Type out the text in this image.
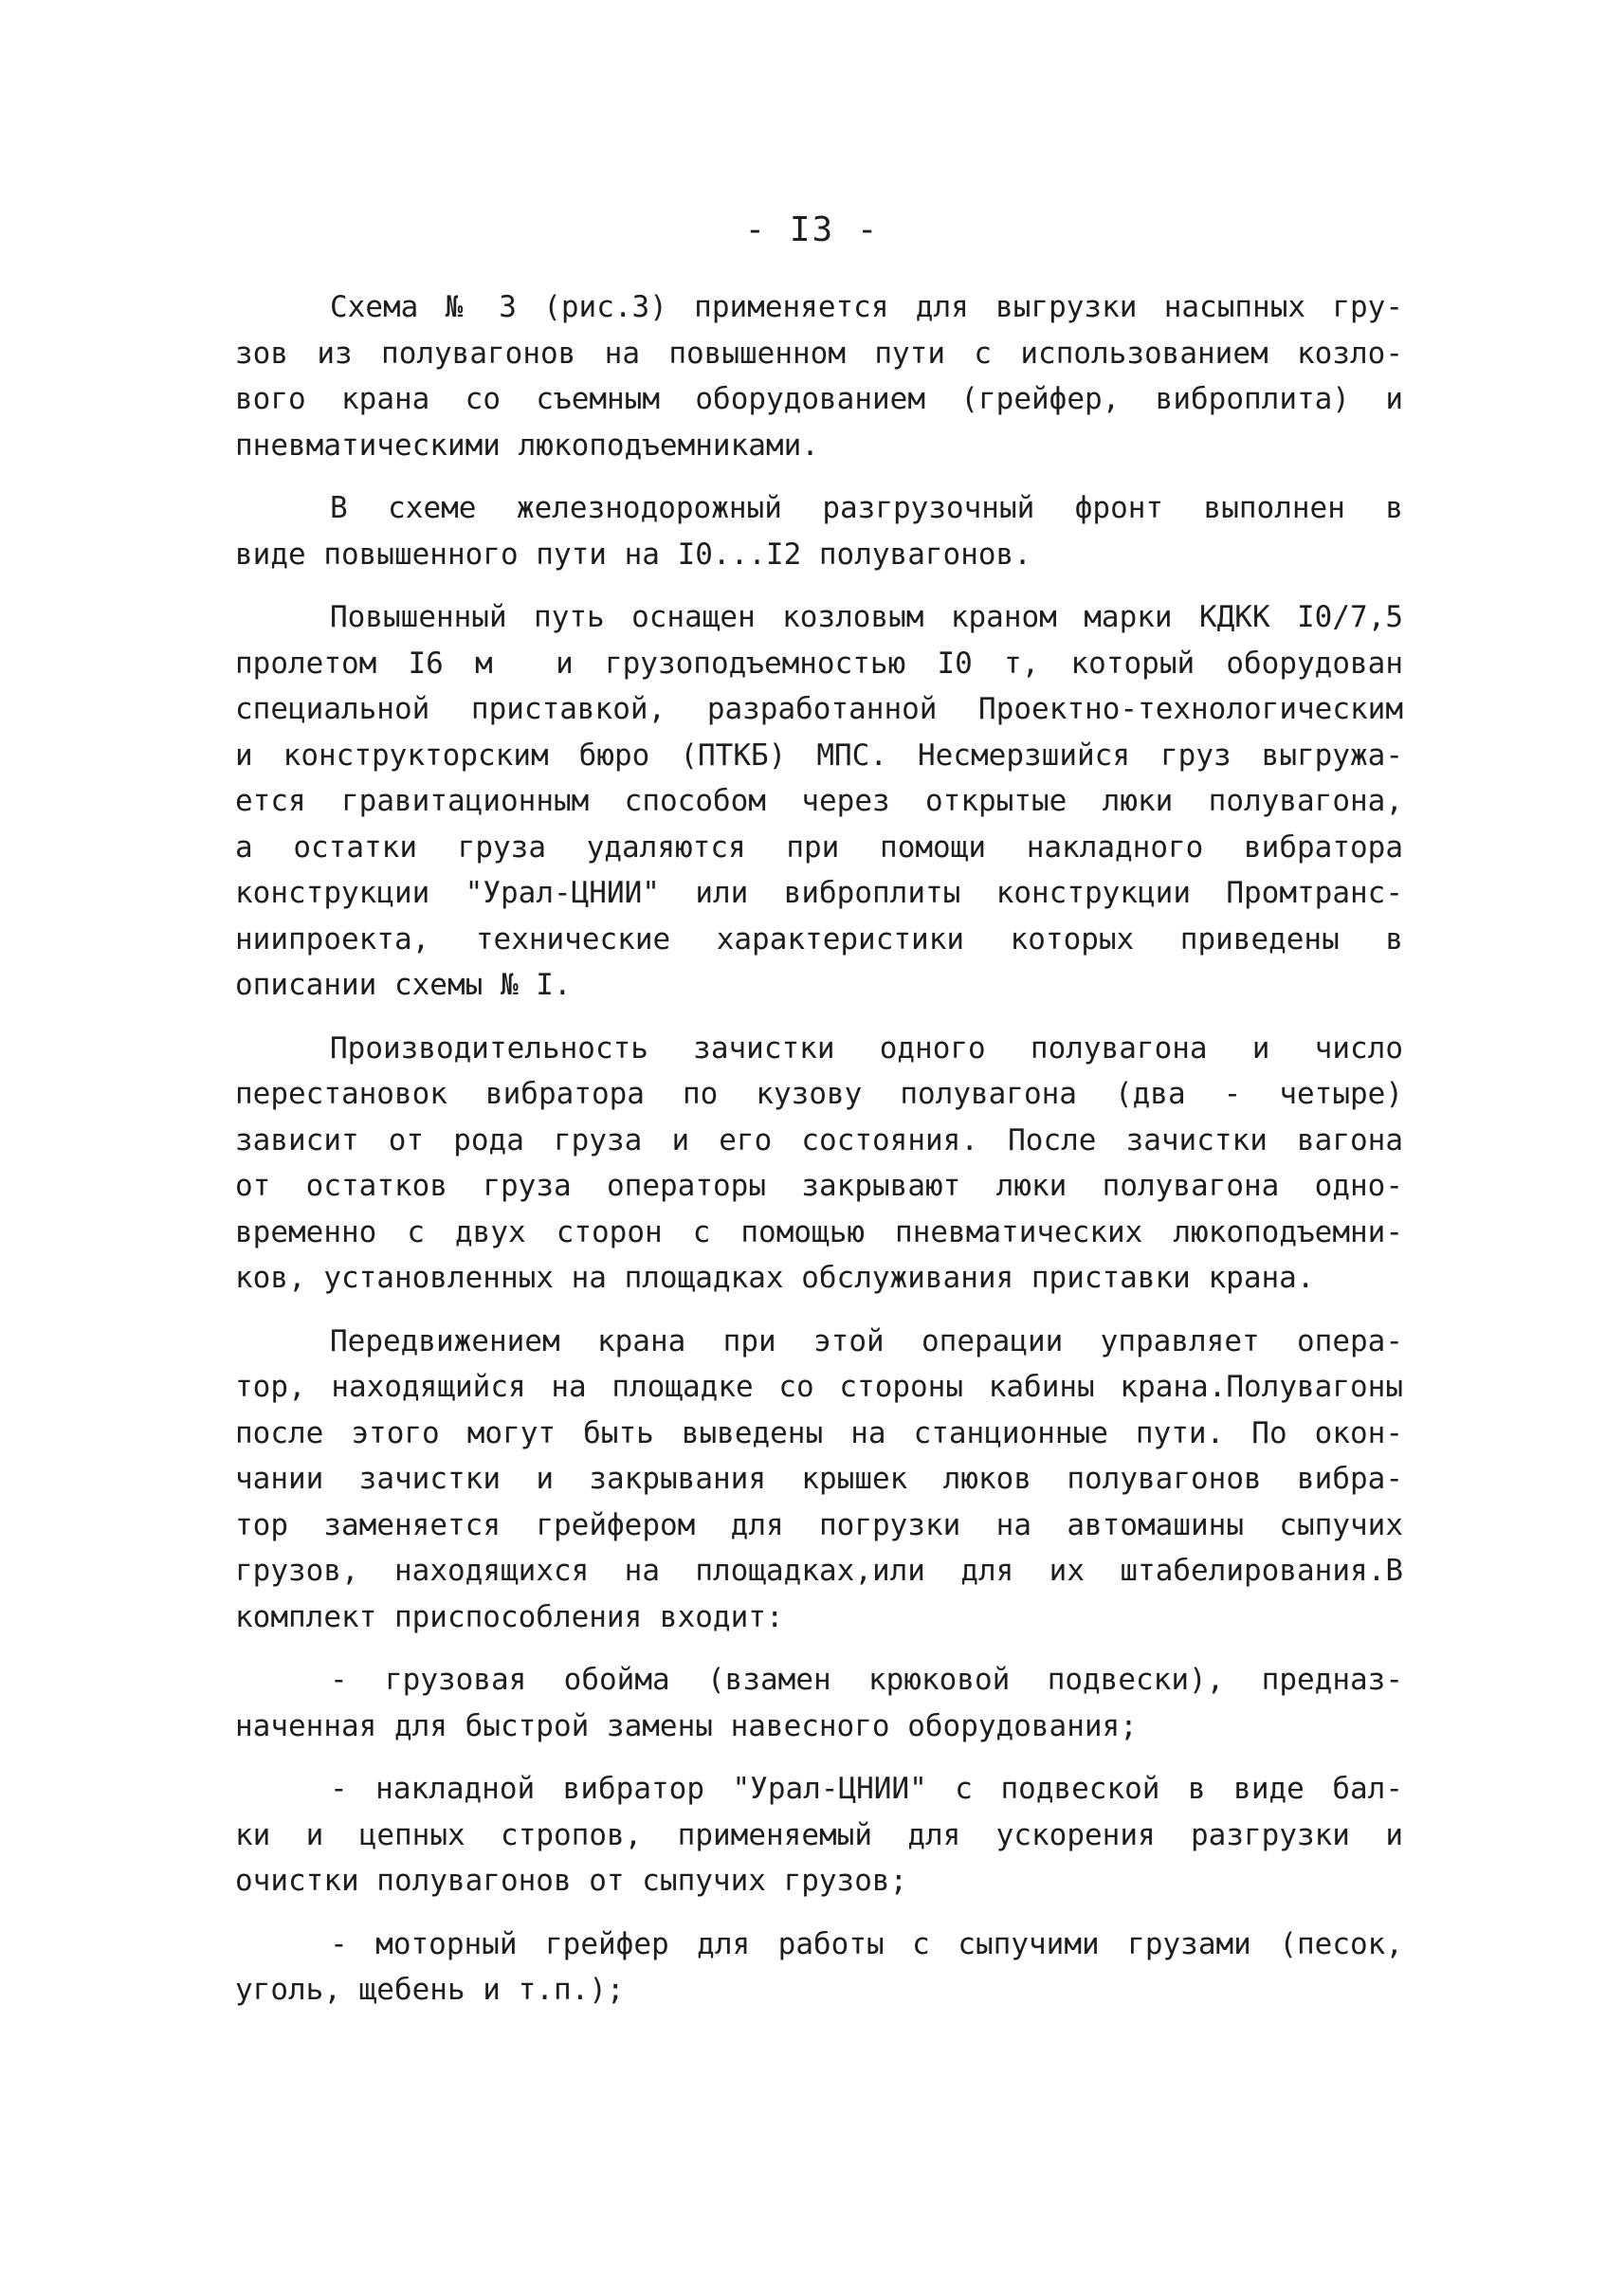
- I3 -
Схема № 3 (рис.3) применяется для выгрузки насыпных гру-
зов из полувагонов на повышенном пути с использованием козло-
вого крана со съемным оборудованием (грейфер, виброплита) и
пневматическими люкоподъемниками.
В схеме железнодорожный разгрузочный фронт выполнен в
виде повышенного пути на I0...I2 полувагонов.
Повышенный путь оснащен козловым краном марки КДКК I0/7,5
пролетом I6 м  и грузоподъемностью I0 т, который оборудован
специальной приставкой, разработанной Проектно-технологическим
и конструкторским бюро (ПТКБ) МПС. Несмерзшийся груз выгружа-
ется гравитационным способом через открытые люки полувагона,
а остатки груза удаляются при помощи накладного вибратора
конструкции "Урал-ЦНИИ" или виброплиты конструкции Промтранс-
ниипроекта, технические характеристики которых приведены в
описании схемы № I.
Производительность зачистки одного полувагона и число
перестановок вибратора по кузову полувагона (два - четыре)
зависит от рода груза и его состояния. После зачистки вагона
от остатков груза операторы закрывают люки полувагона одно-
временно с двух сторон с помощью пневматических люкоподъемни-
ков, установленных на площадках обслуживания приставки крана.
Передвижением крана при этой операции управляет опера-
тор, находящийся на площадке со стороны кабины крана.Полувагоны
после этого могут быть выведены на станционные пути. По окон-
чании зачистки и закрывания крышек люков полувагонов вибра-
тор заменяется грейфером для погрузки на автомашины сыпучих
грузов, находящихся на площадках,или для их штабелирования.В
комплект приспособления входит:
- грузовая обойма (взамен крюковой подвески), предназ-
наченная для быстрой замены навесного оборудования;
- накладной вибратор "Урал-ЦНИИ" с подвеской в виде бал-
ки и цепных стропов, применяемый для ускорения разгрузки и
очистки полувагонов от сыпучих грузов;
- моторный грейфер для работы с сыпучими грузами (песок,
уголь, щебень и т.п.);
